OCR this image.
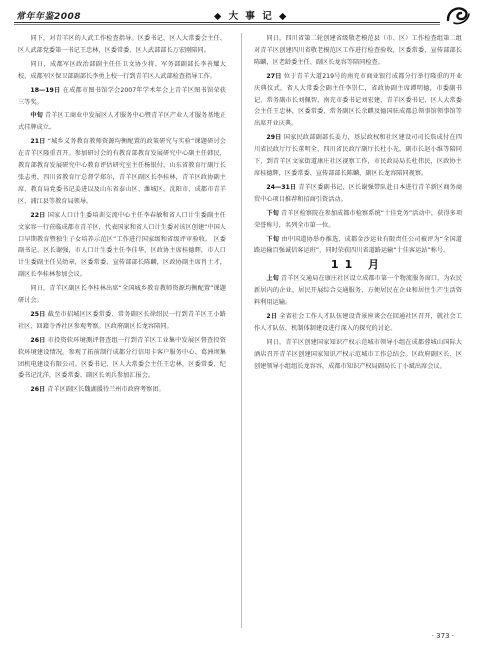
常年年鉴2008	◆ 大 事 记 ◆

同下，对青羊区的人武工作检查指导。区委书记、区人大常委会主任、区人武部党委第一书记王忠林，区委常委、区人武部部长万宏刚陪同。

同日，成都军区政治部副主任任卫文协少将、军务部副部长李善耀大校，成都军区保卫部副部长李勇上校一行到青羊区人武部检查指导工作。

18—19日 在成都市图书馆学会2007年学术年会上青羊区图书馆荣获三等奖。

中旬 青羊区工商业中发展区人才服务中心暨青羊区产业人才服务基地正式挂牌成立。

21日 “城乡义务教育教师资源均衡配置的政策研究与实验”课题研讨会在青羊区隆重召开。参加研讨会的有教育部教育发展研究中心副主任韩民，教育部教育发展研究中心教育评估研究室主任杨银付，山东省教育厅副厅长张志勇，四川省教育厅总督学郑尔，青羊区副区长李桂林，青羊区政协副主席、教育局党委书记姜进以及山东省泰山区、潍城区，沈阳市，成都市青羊区、浦江县等教育局领导。

22日 国家人口计生委培训交流中心主任李春敏和省人口计生委副主任文家容一行莅临成都市青羊区，代表国家和省人口计生委对该区创建“中国人口早期教育暨独生子女培养示范区”工作进行国家级和省级评审验收。 区委副书记、区长谢强，市人口计生委主任李佳华，区政协主席桂德辉，市人口计生委副主任吴幼章，区委常委、宣传部部长陈麟，区政协副主席肖士才，副区长李桂林参加会议。

同日，青羊区副区长李桂林出席“全国城乡教育教师资源均衡配置”课题研讨会。

25日 截至市招城区区委常委、常务副区长徐绍民一行到青羊区王小路社区、回籍寺香社区参观考察。区政府副区长龙容陪同。

26日 市投资软环境测评督查组一行到青羊区工业集中发展区督查投资软环境建设情况。参观了拓前制行成都分行信用卡客户服务中心、葛洲坝集团机电建设有限公司。区委书记、区人大常委会主任王忠林，区委常委、纪委书记沈洋，区委常委、副区长刘兵参加汇报会。

26日 青羊区副区长魏湖援待兰州市政府考察团。

同日，四川省第二轮创建省级敬老模范县（市、区）工作检查组第二组对青羊区创建四川省敬老模范区工作进行检查验收，区委常委、宣传部部长陈麟，区老龄委主任、副区长龙容等陪同检查。

27日 位于青羊大道219号的南充市商业银行成都分行举行隆重的开业庆典仪式，省人大常委会副主任李崇仁，省政协副主席谭明德，市委副书记、常务副市长刘佩智，南充市委书记刘宏建，青羊区委书记、区人大常委会主任王忠林，区委常委、常务副区长余麒及德国驻成都总领事馆领事馆等出席开业庆典。

29日 国家民政部副部长姜力，基层政权和社区建设司司长詹成付在四川省民政厅厅长董明全、四川省民政厅副厅长杜小光，副市长赵小维等陪同下，到青羊区文家街道康庄社区视察工作，市民政局局长杜伟民，区政协主席桂德辉，区委常委、宣传部部长陈麟，副区长龙容陪同视察。

24—31日 青羊区委副书记、区长谢强带队赴日本进行青羊新区商务商贸中心项目推荐和招商引资活动。

下旬 青羊区检察院在参加成都市检察系统“十佳党务”活动中，获得多项荣誉称号，名列全市第一位。

下旬 由中国道协举办推选，成都金沙运业有限责任公司被评为“全国道路运输百强诚信客运班”，同时荣获四川省道路运输“十佳客运站”称号。

11 月

上旬 青羊区交通局在康庄社区设立成都市第一个物流服务窗口，为农民新居内的企业、居民开展综合交通服务，方便居民在企业和居住生产生活资料利用运输。

2日 全省社会工作人才队伍建设背景座谈会在回通社区召开，就社会工作人才队伍、机制体制建设进行深入的探究的讨论。

同日，青羊区创建国家知识产权示范城市领导小组在成都蓉城山国际大酒店召开青羊区创建国家知识产权示范城市工作总结会。区政府副区长、区创建领导小组组长龙容容，成都市知识产权局副局长丁小斌出席会议。

· 373 ·
